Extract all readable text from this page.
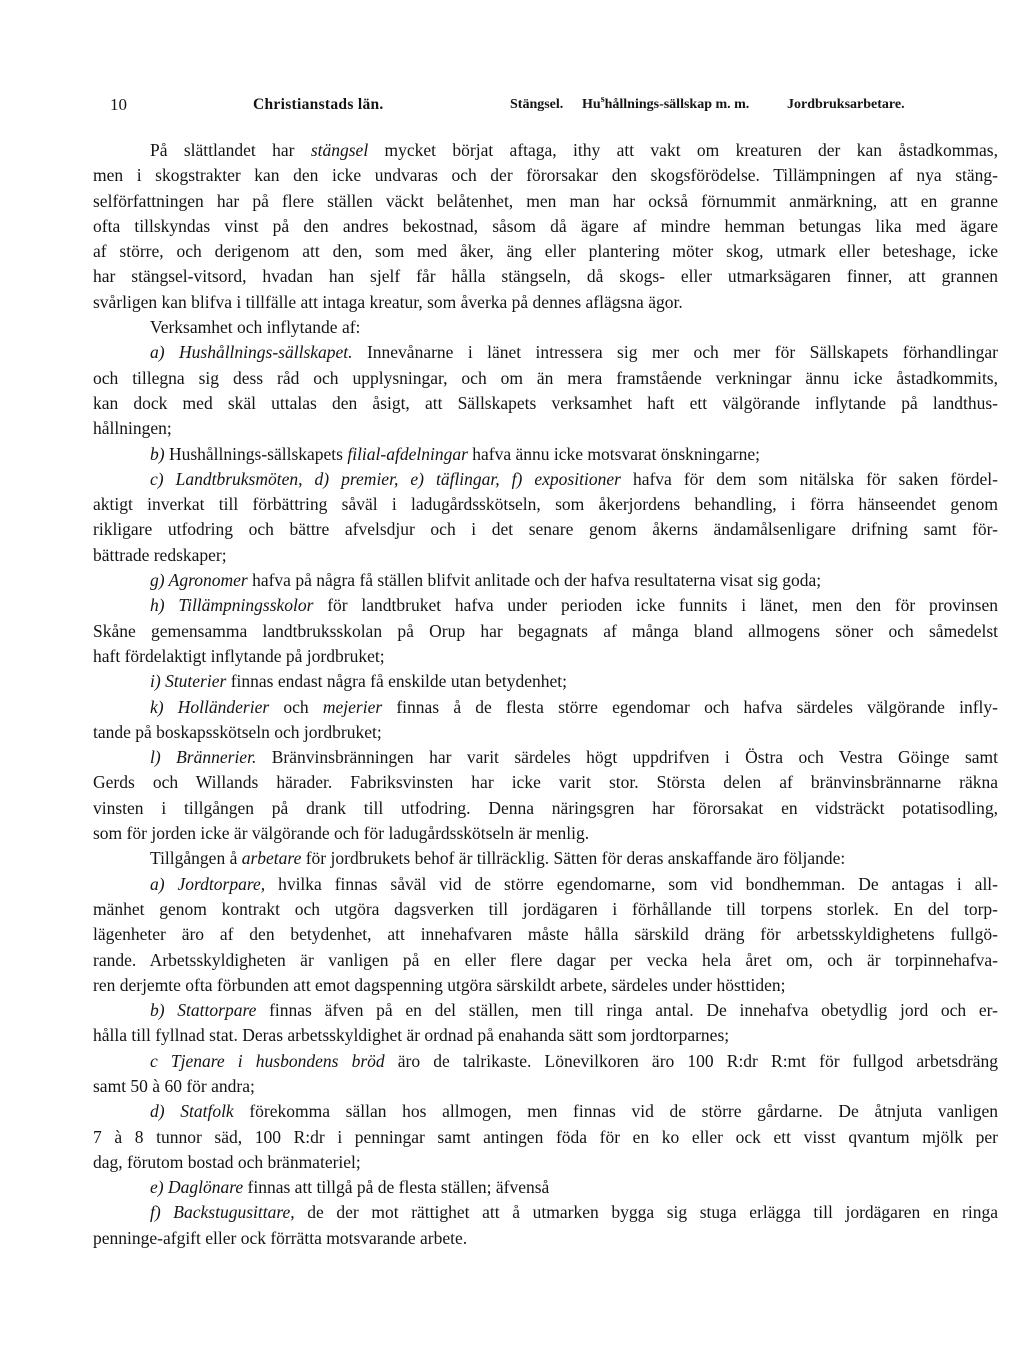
10	Christianstads län.	Stängsel. Hu$^s$hållnings-sällskap m. m.	Jordbruksarbetare.
På slättlandet har stängsel mycket börjat aftaga, ithy att vakt om kreaturen der kan åstadkommas,
men i skogstrakter kan den icke undvaras och der förorsakar den skogsförödelse. Tillämpningen af nya stäng-
selförfattningen har på flere ställen väckt belåtenhet, men man har också förnummit anmärkning, att en granne
ofta tillskyndas vinst på den andres bekostnad, såsom då ägare af mindre hemman betungas lika med ägare
af större, och derigenom att den, som med åker, äng eller plantering möter skog, utmark eller beteshage, icke
har stängsel-vitsord, hvadan han sjelf får hålla stängseln, då skogs- eller utmarksägaren finner, att grannen
svårligen kan blifva i tillfälle att intaga kreatur, som åverka på dennes aflägsna ägor.
Verksamhet och inflytande af:
a) Hushållnings-sällskapet. Innevånarne i länet intressera sig mer och mer för Sällskapets förhandlingar
och tillegna sig dess råd och upplysningar, och om än mera framstående verkningar ännu icke åstadkommits,
kan dock med skäl uttalas den åsigt, att Sällskapets verksamhet haft ett välgörande inflytande på landthus-
hållningen;
b) Hushållnings-sällskapets filial-afdelningar hafva ännu icke motsvarat önskningarne;
c) Landtbruksmöten, d) premier, e) täflingar, f) expositioner hafva för dem som nitälska för saken fördel-
aktigt inverkat till förbättring såväl i ladugårdsskötseln, som åkerjordens behandling, i förra hänseendet genom
rikligare utfodring och bättre afvelsdjur och i det senare genom åkerns ändamålsenligare drifning samt för-
bättrade redskaper;
g) Agronomer hafva på några få ställen blifvit anlitade och der hafva resultaterna visat sig goda;
h) Tillämpningsskolor för landtbruket hafva under perioden icke funnits i länet, men den för provinsen
Skåne gemensamma landtbruksskolan på Orup har begagnats af många bland allmogens söner och såmedelst
haft fördelaktigt inflytande på jordbruket;
i) Stuterier finnas endast några få enskilde utan betydenhet;
k) Holländerier och mejerier finnas å de flesta större egendomar och hafva särdeles välgörande infly-
tande på boskapsskötseln och jordbruket;
l) Brännerier. Bränvinsbränningen har varit särdeles högt uppdrifven i Östra och Vestra Göinge samt
Gerds och Willands härader. Fabriksvinsten har icke varit stor. Största delen af bränvinsbrännarne räkna
vinsten i tillgången på drank till utfodring. Denna näringsgren har förorsakat en vidsträckt potatisodling,
som för jorden icke är välgörande och för ladugårdsskötseln är menlig.
Tillgången å arbetare för jordbrukets behof är tillräcklig. Sätten för deras anskaffande äro följande:
a) Jordtorpare, hvilka finnas såväl vid de större egendomarne, som vid bondhemman. De antagas i all-
mänhet genom kontrakt och utgöra dagsverken till jordägaren i förhållande till torpens storlek. En del torp-
lägenheter äro af den betydenhet, att innehafvaren måste hålla särskild dräng för arbetsskyldighetens fullgö-
rande. Arbetsskyldigheten är vanligen på en eller flere dagar per vecka hela året om, och är torpinnehafva-
ren derjemte ofta förbunden att emot dagspenning utgöra särskildt arbete, särdeles under hösttiden;
b) Stattorpare finnas äfven på en del ställen, men till ringa antal. De innehafva obetydlig jord och er-
hålla till fyllnad stat. Deras arbetsskyldighet är ordnad på enahanda sätt som jordtorparnes;
c Tjenare i husbondens bröd äro de talrikaste. Lönevilkoren äro 100 R:dr R:mt för fullgod arbetsdräng
samt 50 à 60 för andra;
d) Statfolk förekomma sällan hos allmogen, men finnas vid de större gårdarne. De åtnjuta vanligen
7 à 8 tunnor säd, 100 R:dr i penningar samt antingen föda för en ko eller ock ett visst qvantum mjölk per
dag, förutom bostad och bränmateriel;
e) Daglönare finnas att tillgå på de flesta ställen; äfvenså
f) Backstugusittare, de der mot rättighet att å utmarken bygga sig stuga erlägga till jordägaren en ringa
penninge-afgift eller ock förrätta motsvarande arbete.
